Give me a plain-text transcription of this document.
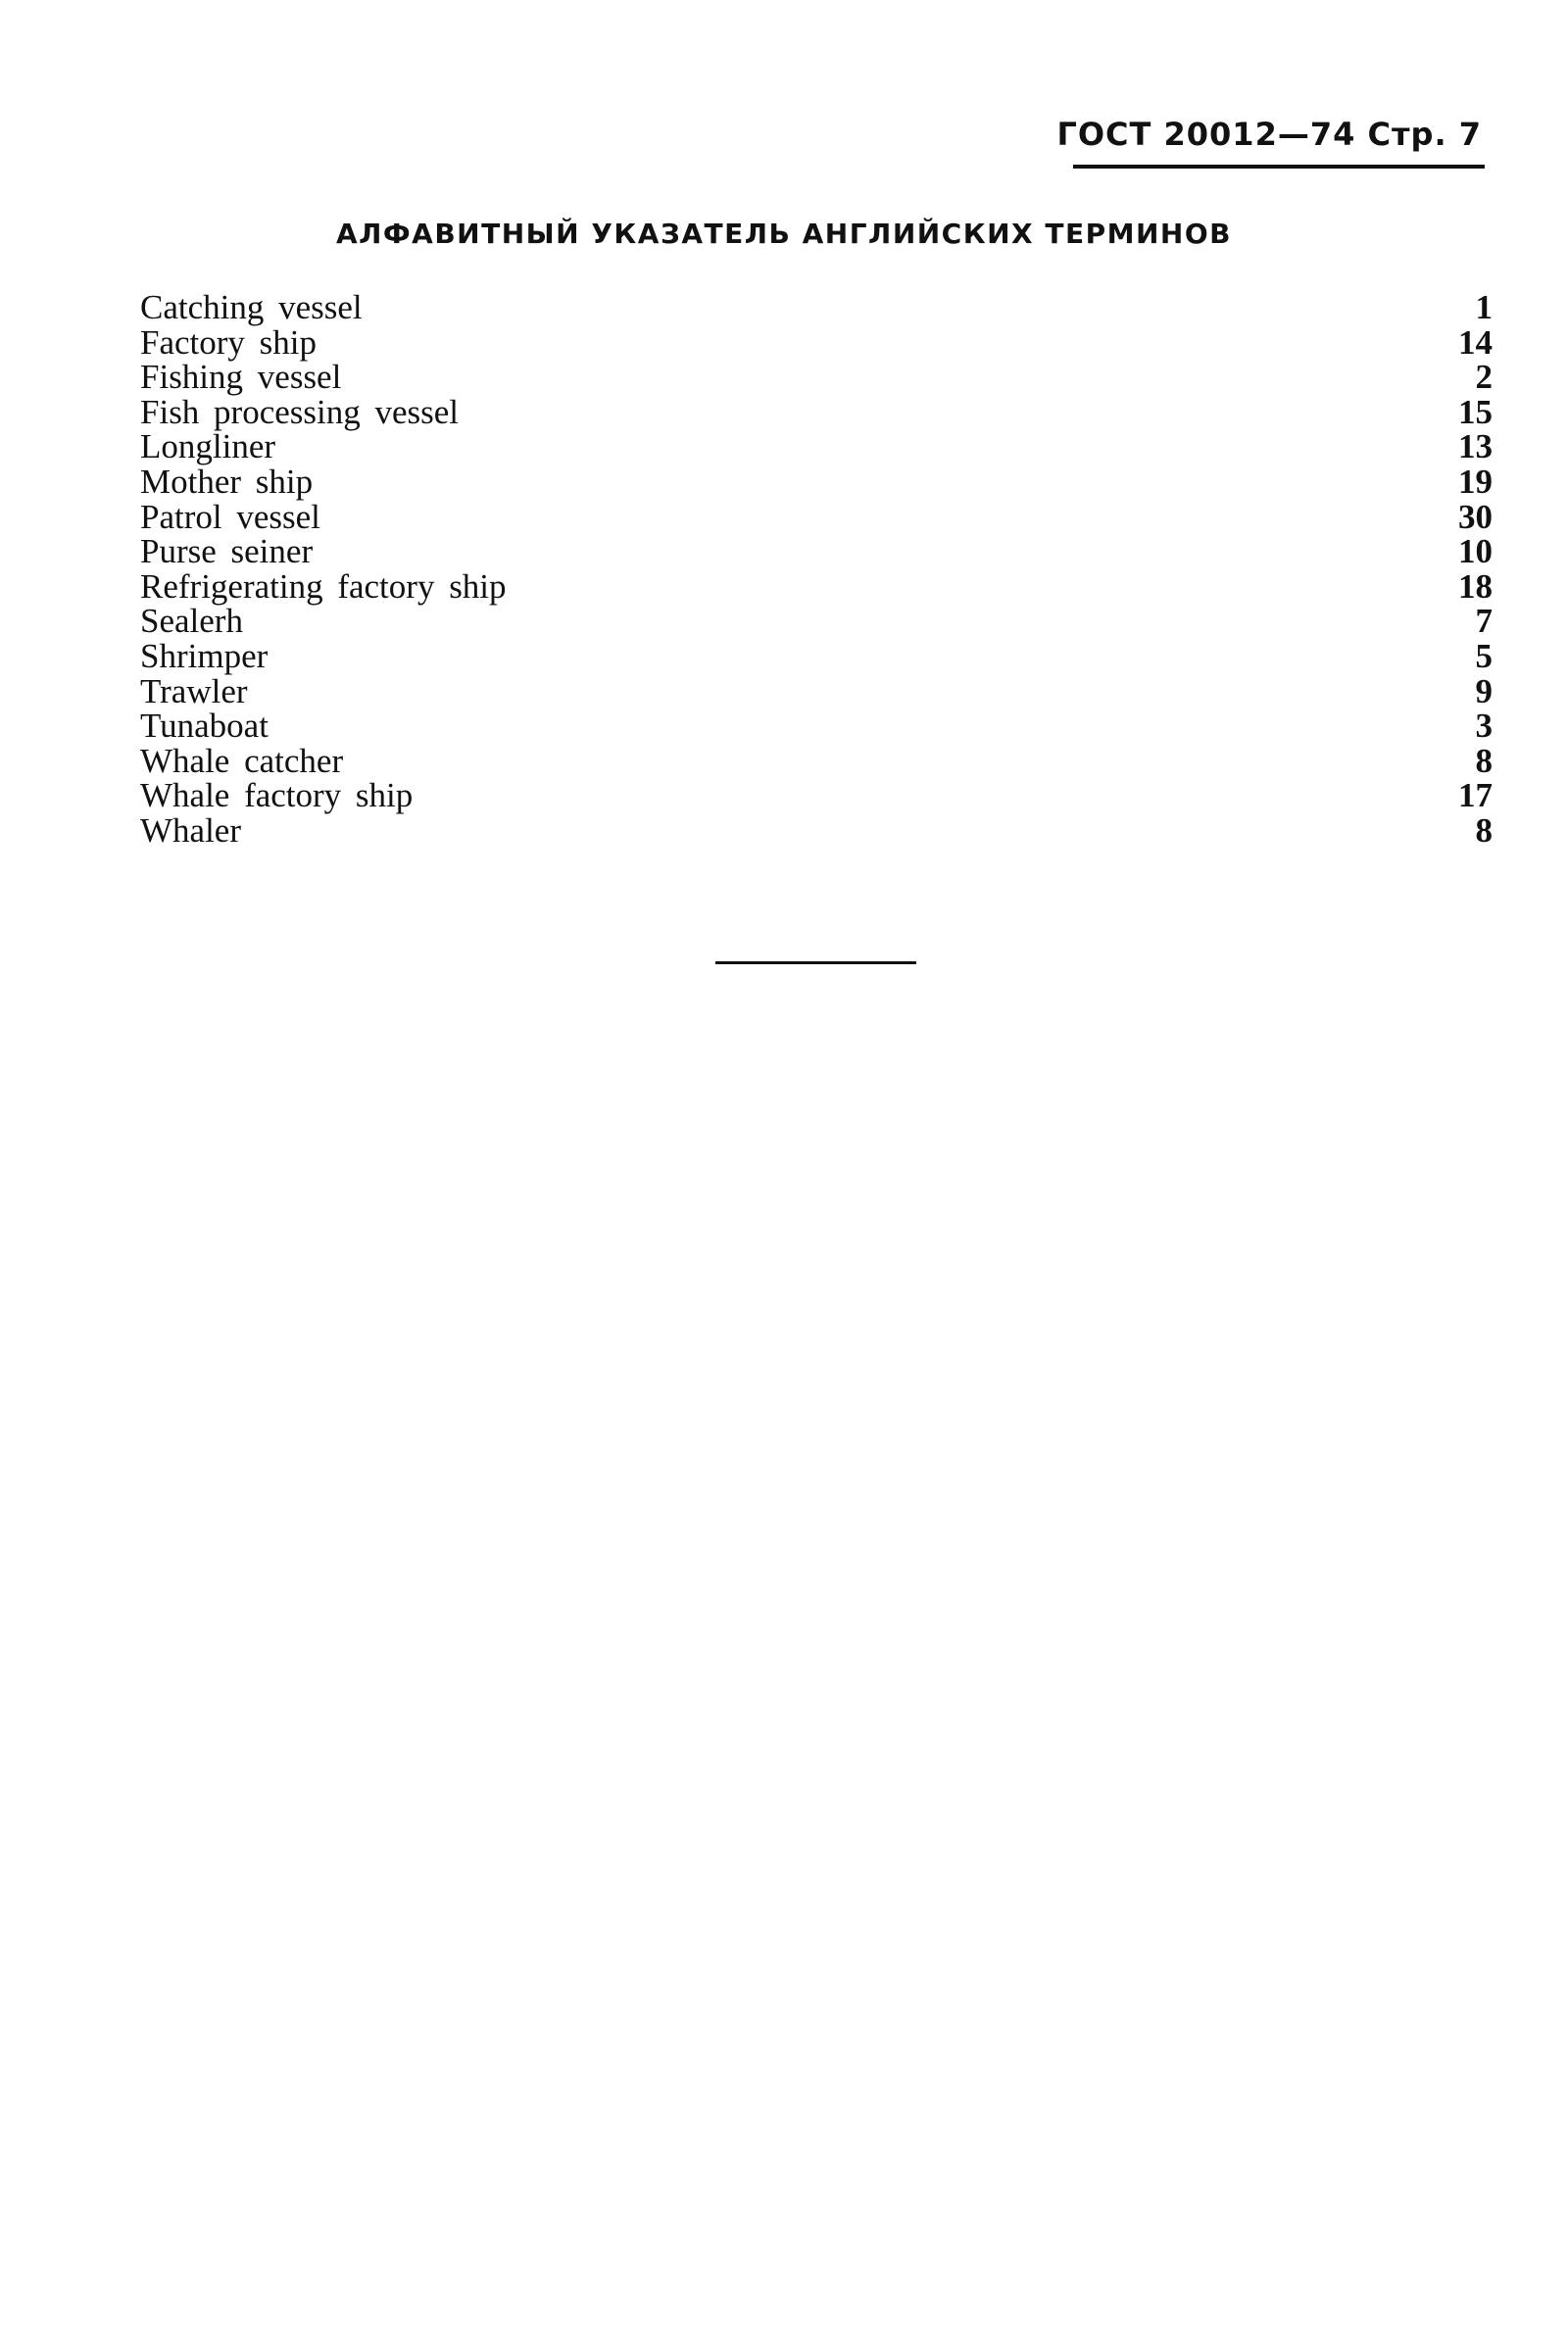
ГОСТ 20012—74 Стр. 7
АЛФАВИТНЫЙ УКАЗАТЕЛЬ АНГЛИЙСКИХ ТЕРМИНОВ
Catching vessel	1
Factory ship	14
Fishing vessel	2
Fish processing vessel	15
Longliner	13
Mother ship	19
Patrol vessel	30
Purse seiner	10
Refrigerating factory ship	18
Sealerh	7
Shrimper	5
Trawler	9
Tunaboat	3
Whale catcher	8
Whale factory ship	17
Whaler	8
